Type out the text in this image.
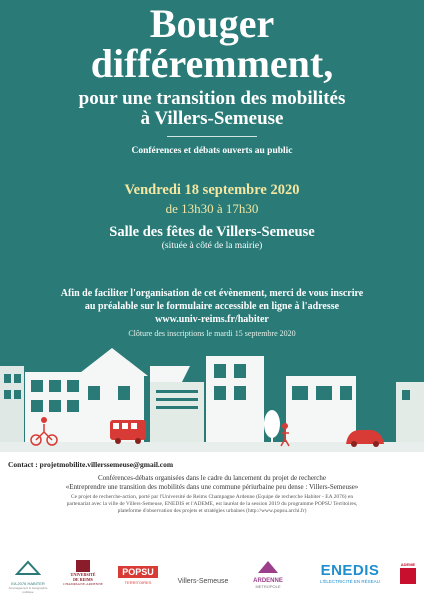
Bouger
différemment,

pour une transition des mobilités

à Villers-Semeuse

Conférences et débats ouverts au public

Vendredi 18 septembre 2020

de 13h30 à 17h30

Salle des fêtes de Villers-Semeuse

(située à côté de la mairie)

Afin de faciliter l'organisation de cet évènement, merci de vous inscrire

au préalable sur le formulaire accessible en ligne à l'adresse

www.univ-reims.fr/habiter

Clôture des inscriptions le mardi 15 septembre 2020

Contact : projetmobilite.villerssemeuse@gmail.com

Conférences-débats organisées dans le cadre du lancement du projet de recherche

«Entreprendre une transition des mobilités dans une commune périurbaine peu dense : Villers-Semeuse»

Ce projet de recherche-action, porté par l'Université de Reims Champagne Ardenne (Equipe de recherche Habiter - EA 2076) en

partenariat avec la ville de Villers-Semeuse, ENEDIS et l'ADEME, est lauréat de la session 2019 du programme POPSU Territoires,

plateforme d'observation des projets et stratégies urbaines (http://www.popsu.archi.fr)

EA 2076 HABITER
Aménagement & Géographie politique
UNIVERSITÉ
DE REIMS
CHAMPAGNE-ARDENNE
POPSU
TERRITOIRES	Villers-Semeuse	ARDENNE
METROPOLE
ENEDIS
L'ÉLECTRICITÉ EN RÉSEAU
ADEME
